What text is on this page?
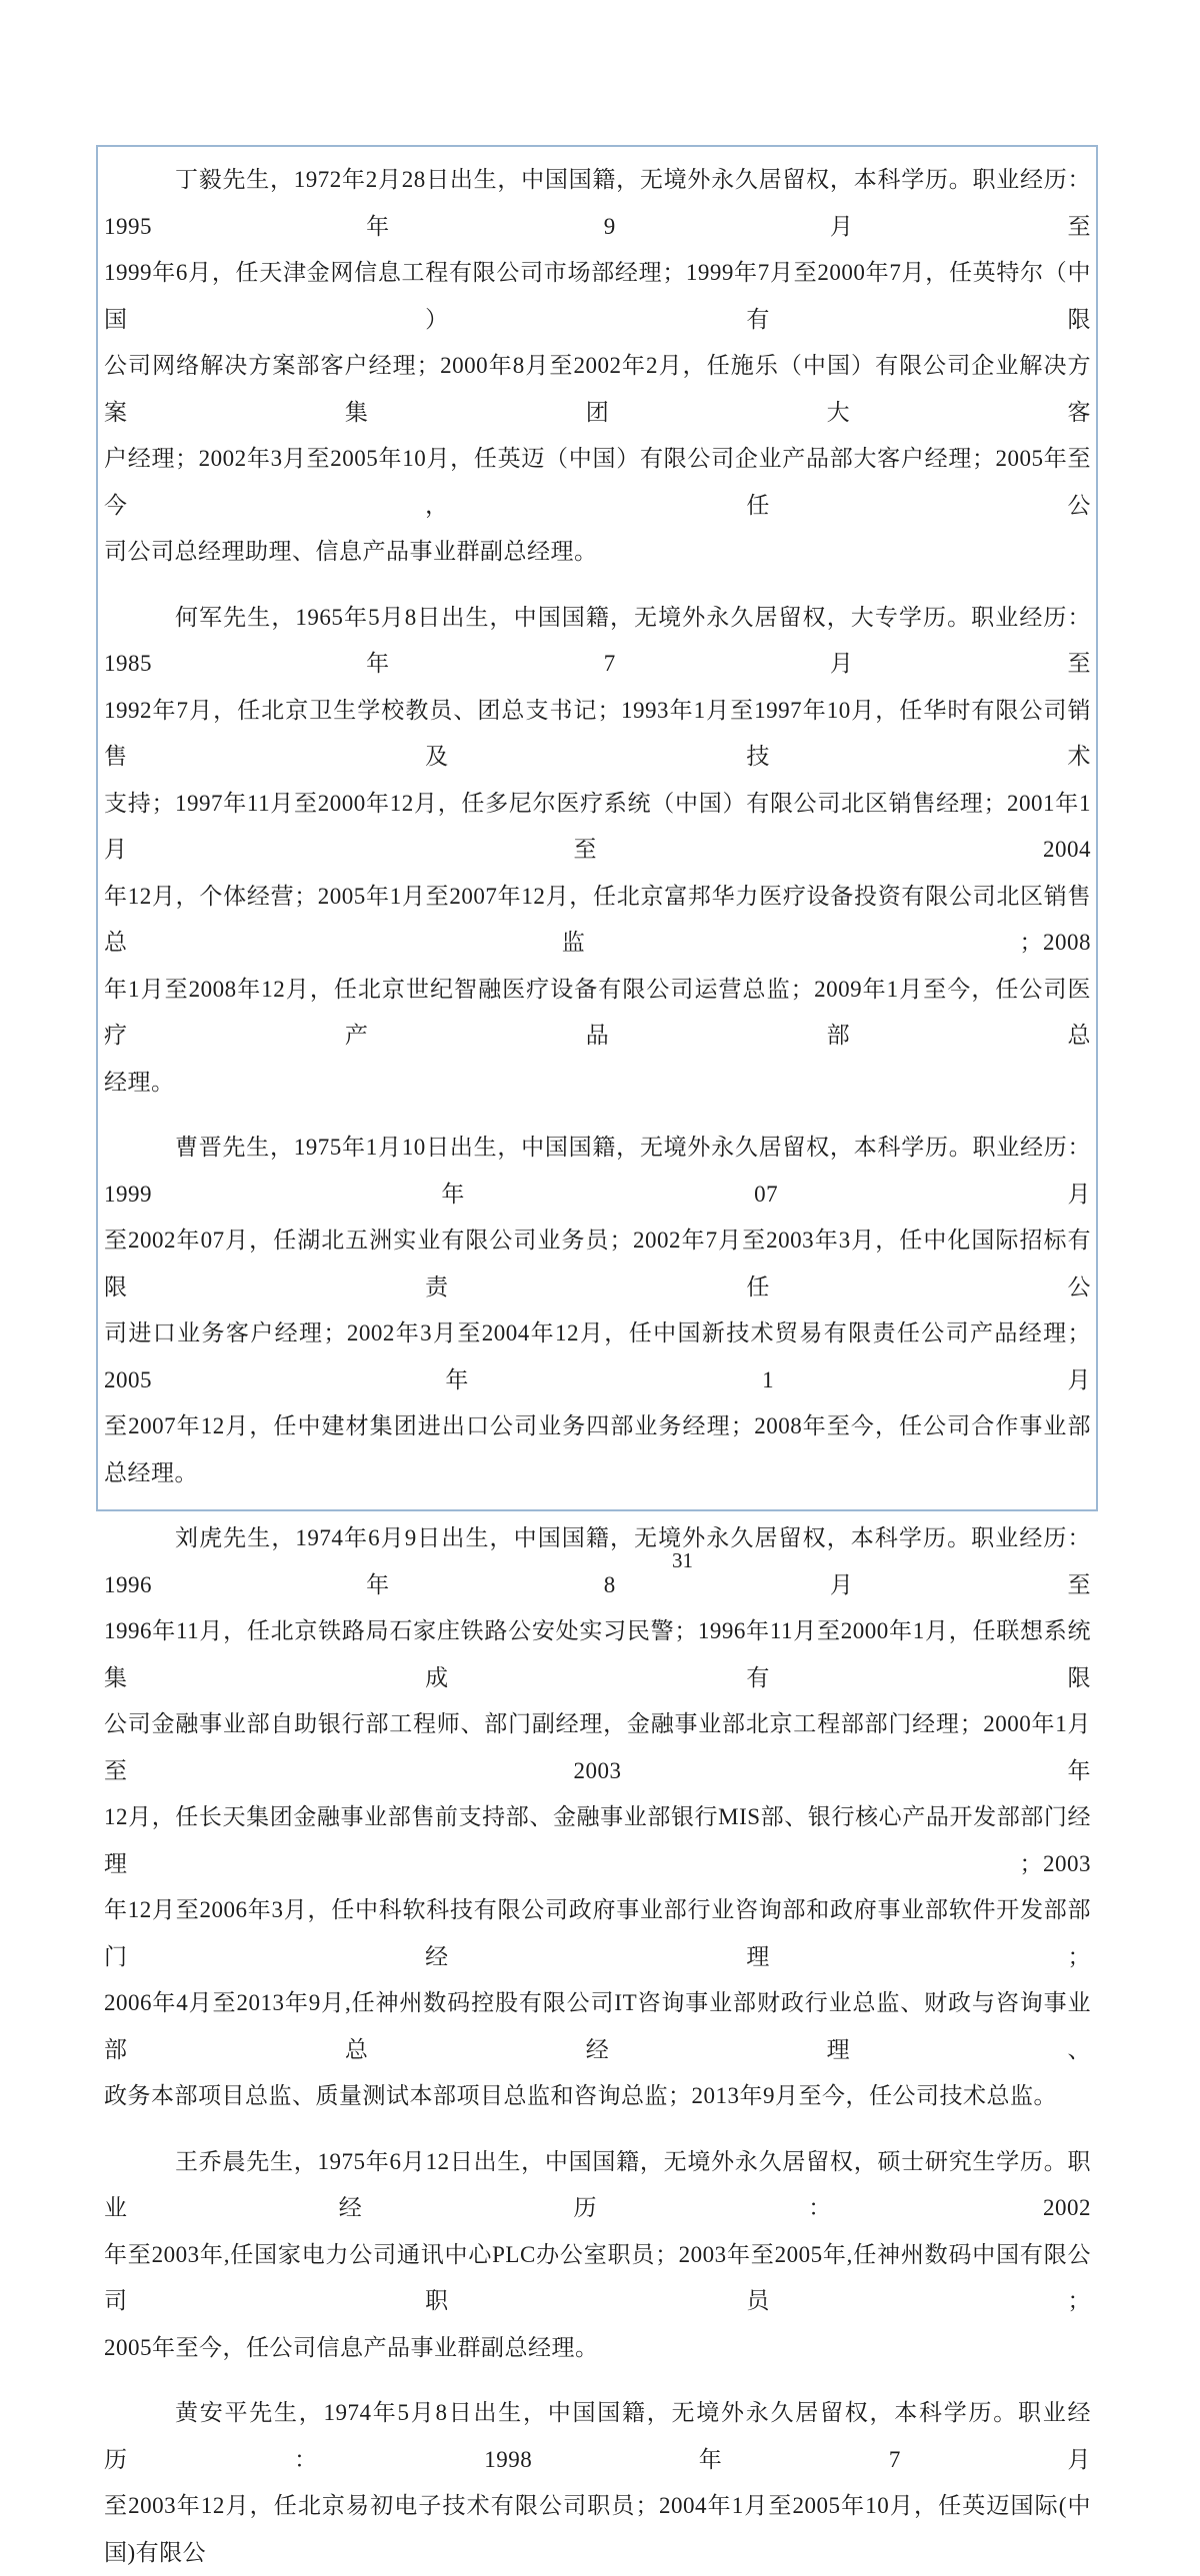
丁毅先生，1972年2月28日出生，中国国籍，无境外永久居留权，本科学历。职业经历：1995年9月至
1999年6月，任天津金网信息工程有限公司市场部经理；1999年7月至2000年7月，任英特尔（中国）有限
公司网络解决方案部客户经理；2000年8月至2002年2月，任施乐（中国）有限公司企业解决方案集团大客
户经理；2002年3月至2005年10月，任英迈（中国）有限公司企业产品部大客户经理；2005年至今，任公
司公司总经理助理、信息产品事业群副总经理。
何军先生，1965年5月8日出生，中国国籍，无境外永久居留权，大专学历。职业经历：1985年7月至
1992年7月，任北京卫生学校教员、团总支书记；1993年1月至1997年10月，任华时有限公司销售及技术
支持；1997年11月至2000年12月，任多尼尔医疗系统（中国）有限公司北区销售经理；2001年1月至2004
年12月，个体经营；2005年1月至2007年12月，任北京富邦华力医疗设备投资有限公司北区销售总监；2008
年1月至2008年12月，任北京世纪智融医疗设备有限公司运营总监；2009年1月至今，任公司医疗产品部总
经理。
曹晋先生，1975年1月10日出生，中国国籍，无境外永久居留权，本科学历。职业经历：1999年07月
至2002年07月，任湖北五洲实业有限公司业务员；2002年7月至2003年3月，任中化国际招标有限责任公
司进口业务客户经理；2002年3月至2004年12月，任中国新技术贸易有限责任公司产品经理；2005年1月
至2007年12月，任中建材集团进出口公司业务四部业务经理；2008年至今，任公司合作事业部总经理。
刘虎先生，1974年6月9日出生，中国国籍，无境外永久居留权，本科学历。职业经历：1996年8月至
1996年11月，任北京铁路局石家庄铁路公安处实习民警；1996年11月至2000年1月，任联想系统集成有限
公司金融事业部自助银行部工程师、部门副经理，金融事业部北京工程部部门经理；2000年1月至2003年
12月，任长天集团金融事业部售前支持部、金融事业部银行MIS部、银行核心产品开发部部门经理；2003
年12月至2006年3月，任中科软科技有限公司政府事业部行业咨询部和政府事业部软件开发部部门经理；
2006年4月至2013年9月,任神州数码控股有限公司IT咨询事业部财政行业总监、财政与咨询事业部总经理、
政务本部项目总监、质量测试本部项目总监和咨询总监；2013年9月至今，任公司技术总监。
王乔晨先生，1975年6月12日出生，中国国籍，无境外永久居留权，硕士研究生学历。职业经历：2002
年至2003年,任国家电力公司通讯中心PLC办公室职员；2003年至2005年,任神州数码中国有限公司职员；
2005年至今，任公司信息产品事业群副总经理。
黄安平先生，1974年5月8日出生，中国国籍，无境外永久居留权，本科学历。职业经历：1998年7月
至2003年12月，任北京易初电子技术有限公司职员；2004年1月至2005年10月，任英迈国际(中国)有限公
31
